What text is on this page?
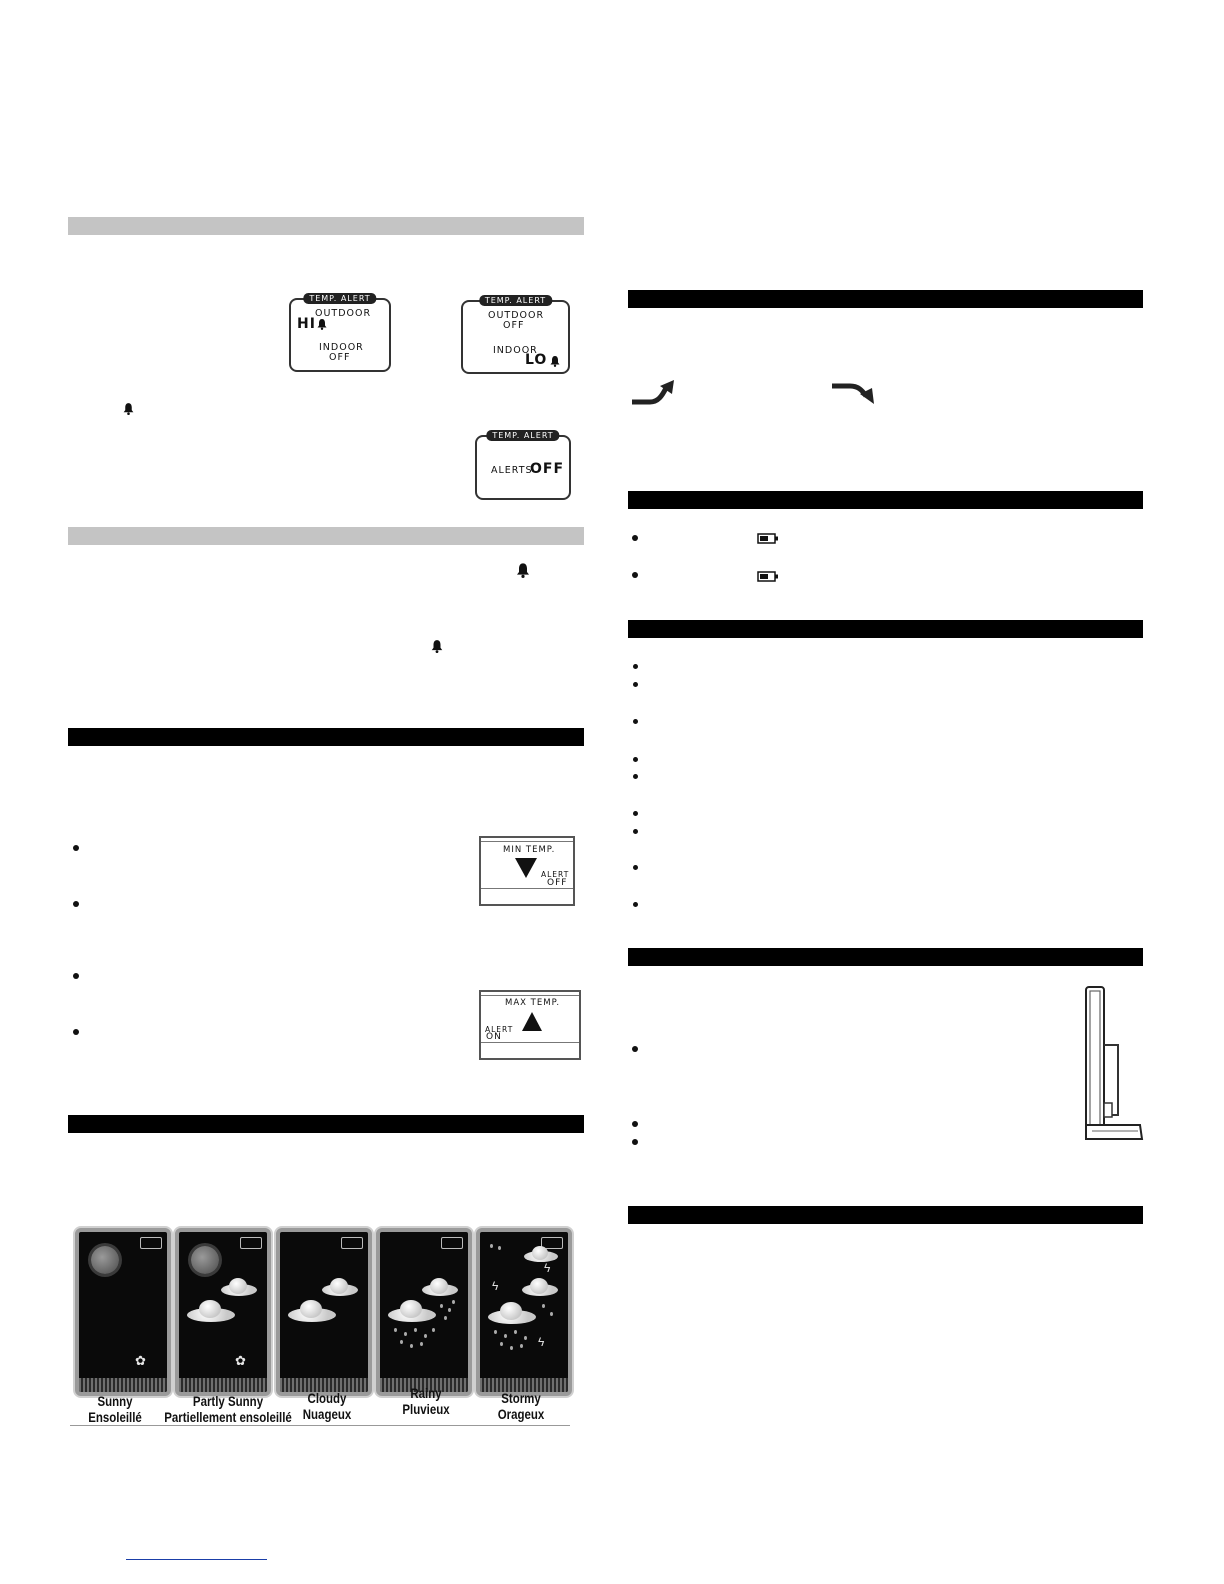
TEMP. ALERT
OUTDOOR
HI
INDOOR
OFF
TEMP. ALERT
OUTDOOR
OFF
INDOOR
LO
TEMP. ALERT
ALERTS
OFF
MIN TEMP.
ALERT
OFF
MAX TEMP.
ALERT
ON
✿	✿
ϟ
ϟ
ϟ
Sunny
Ensoleillé
Partly Sunny
Partiellement ensoleillé
Cloudy
Nuageux
Rainy
Pluvieux
Stormy
Orageux
